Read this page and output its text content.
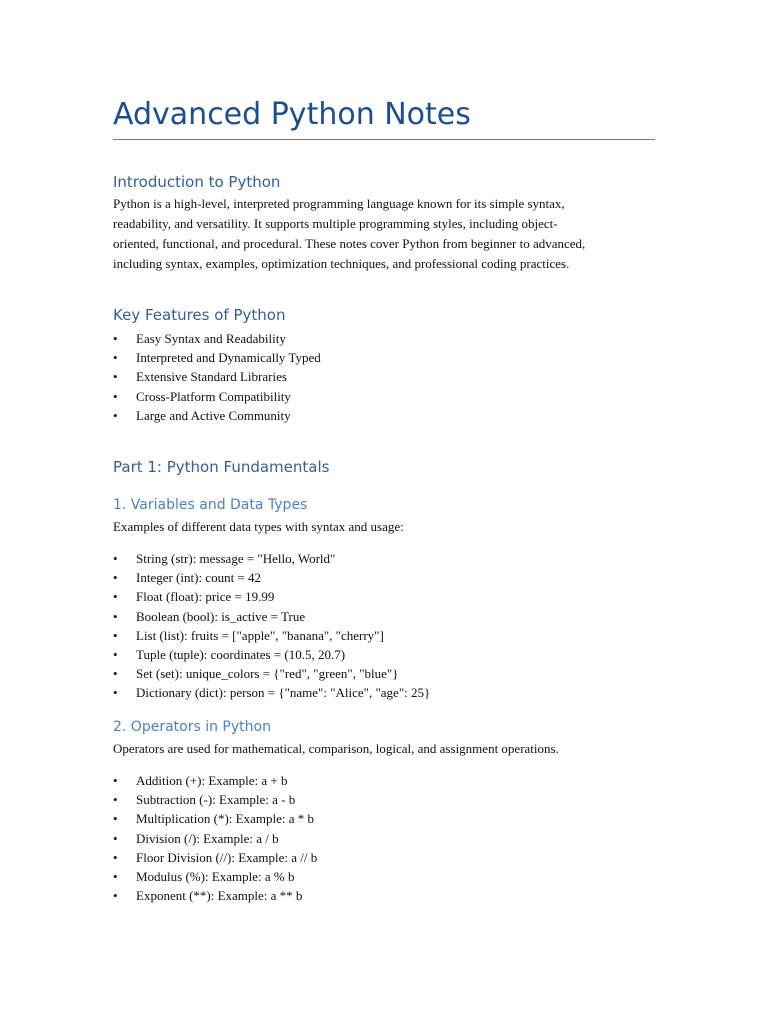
Advanced Python Notes
Introduction to Python

Python is a high-level, interpreted programming language known for its simple syntax,
readability, and versatility. It supports multiple programming styles, including object-
oriented, functional, and procedural. These notes cover Python from beginner to advanced,
including syntax, examples, optimization techniques, and professional coding practices.

Key Features of Python
• Easy Syntax and Readability
• Interpreted and Dynamically Typed
• Extensive Standard Libraries
• Cross-Platform Compatibility
• Large and Active Community
Part 1: Python Fundamentals
1. Variables and Data Types

Examples of different data types with syntax and usage:

• String (str): message = "Hello, World"
• Integer (int): count = 42
• Float (float): price = 19.99
• Boolean (bool): is_active = True
• List (list): fruits = ["apple", "banana", "cherry"]
• Tuple (tuple): coordinates = (10.5, 20.7)
• Set (set): unique_colors = {"red", "green", "blue"}
• Dictionary (dict): person = {"name": "Alice", "age": 25}
2. Operators in Python

Operators are used for mathematical, comparison, logical, and assignment operations.

• Addition (+): Example: a + b
• Subtraction (-): Example: a - b
• Multiplication (*): Example: a * b
• Division (/): Example: a / b
• Floor Division (//): Example: a // b
• Modulus (%): Example: a % b
• Exponent (**): Example: a ** b
